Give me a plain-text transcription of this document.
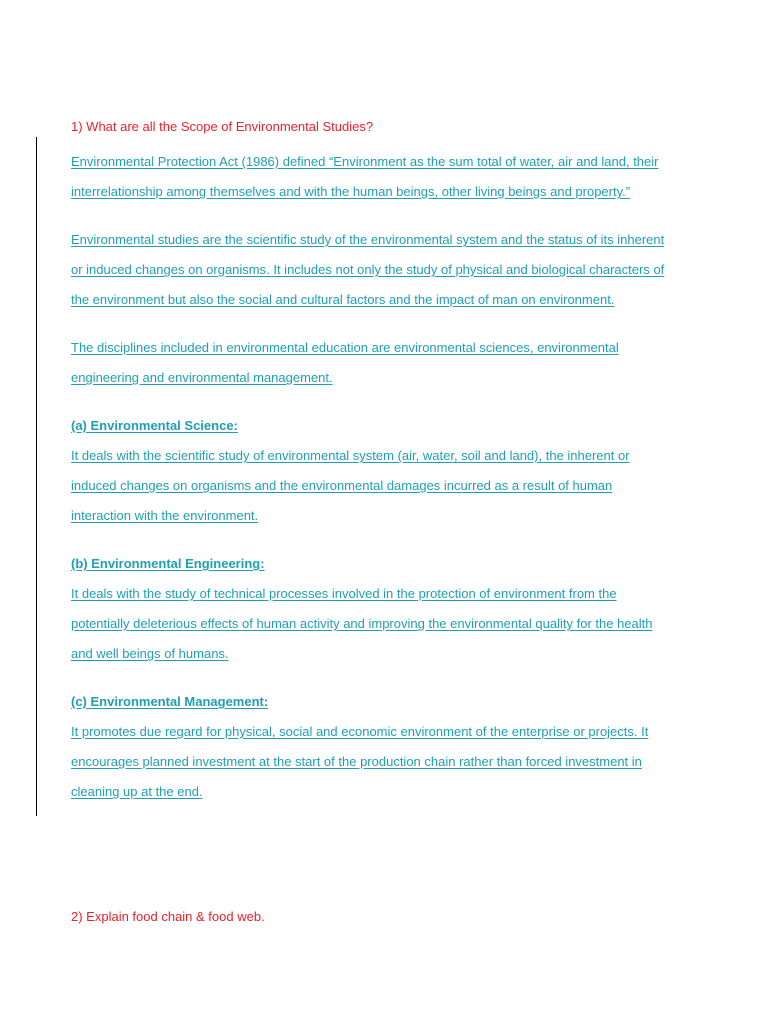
1) What are all the Scope of Environmental Studies?

Environmental Protection Act (1986) defined “Environment as the sum total of water, air and land, their
interrelationship among themselves and with the human beings, other living beings and property.”

Environmental studies are the scientific study of the environmental system and the status of its inherent
or induced changes on organisms. It includes not only the study of physical and biological characters of
the environment but also the social and cultural factors and the impact of man on environment.

The disciplines included in environmental education are environmental sciences, environmental
engineering and environmental management.

(a) Environmental Science:
It deals with the scientific study of environmental system (air, water, soil and land), the inherent or
induced changes on organisms and the environmental damages incurred as a result of human
interaction with the environment.
(b) Environmental Engineering:
It deals with the study of technical processes involved in the protection of environment from the
potentially deleterious effects of human activity and improving the environmental quality for the health
and well beings of humans.
(c) Environmental Management:
It promotes due regard for physical, social and economic environment of the enterprise or projects. It
encourages planned investment at the start of the production chain rather than forced investment in
cleaning up at the end.

2) Explain food chain & food web.
